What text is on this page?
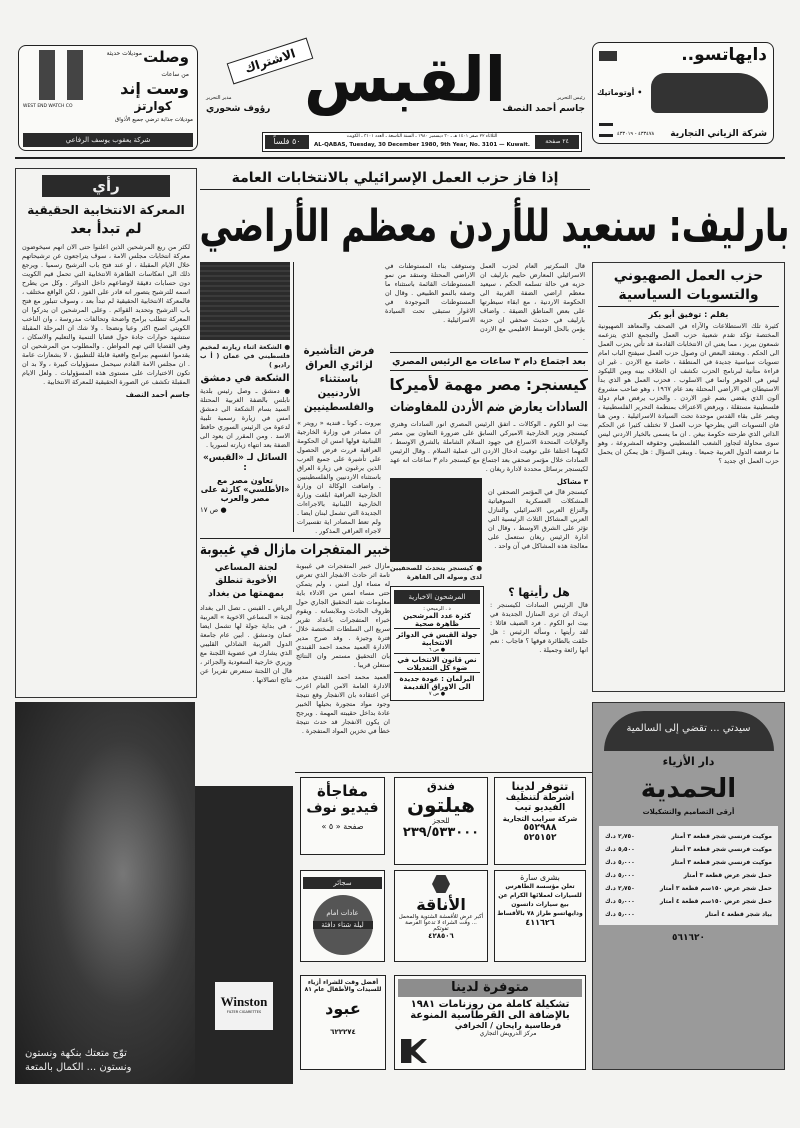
وصلت
موديلات حديثة
من ساعات
وست إند
كوارتز
موديلات جذابة ترضي جميع الأذواق
WEST END WATCH CO
شركة يعقوب يوسف الرفاعي
الاشتراك القبس
مدير التحرير
رؤوف شحوري
رئيس التحرير
جاسم أحمد النصف
٥٠ فلساً	٢٤ صفحة
الثلاثاء ٢٢ صفر ١٤٠١ هـ ـ ٣٠ ديسمبر ١٩٨٠ ـ السنة التاسعة ـ العدد ٣١٠١ ـ الكويت
AL-QABAS, Tuesday, 30 December 1980, 9th Year, No. 3101 — Kuwait.
دايهاتسو..
• أوتوماتيك
٤٣٣٤٧٨ - ٤٣٣٠١٩ شركة الزياني التجارية
رأي
المعركة الانتخابية الحقيقية
لم تبدأ بعد
لكثر من ربع المرشحين الذين اعلنوا حتى الان انهم سيخوضون معركة انتخابات مجلس الامة ، سوف يتراجعون عن ترشيحاتهم خلال الايام المقبلة ، او عند فتح باب الترشيح رسميا . ويرجع ذلك الى انعكاسات الظاهرة الانتخابية التي تحمل قيم الكويت دون حسابات دقيقة لاوضاعهم داخل الدوائر . وكل من يطرح اسمه للترشيح يتصور انه قادر على الفوز ، لكن الواقع مختلف ، فالمعركة الانتخابية الحقيقية لم تبدأ بعد ، وسوف تتبلور مع فتح باب الترشيح وتحديد القوائم . وعلى المرشحين ان يدركوا ان المعركة تتطلب برامج واضحة وتحالفات مدروسة ، وان الناخب الكويتي اصبح اكثر وعيا ونضجا . ولا شك ان المرحلة المقبلة ستشهد حوارات جادة حول قضايا التنمية والتعليم والاسكان ، وهي القضايا التي تهم المواطن . والمطلوب من المرشحين ان يقدموا انفسهم ببرامج واقعية قابلة للتطبيق ، لا بشعارات عامة . ان مجلس الامة القادم سيحمل مسؤوليات كبيرة ، ولا بد ان تكون الاختيارات على مستوى هذه المسؤوليات . ولعل الايام المقبلة تكشف عن الصورة الحقيقية للمعركة الانتخابية .
جاسم أحمد النصف
إذا فاز حزب العمل الإسرائيلي بالانتخابات العامة
بارليف: سنعيد للأردن معظم الأراضي
قال السكرتير العام لحزب العمل الاسرائيلي المعارض حاييم بارليف ان حزبه في حالة تسلمه الحكم ، سيعيد معظم اراضي الضفة الغربية الى الحكومة الاردنية ، مع ابقاء سيطرتها على بعض المناطق الضيقة . واضاف بارليف في حديث صحفي ان حزبه يؤمن بالحل الوسط الاقليمي مع الاردن .
وستوقف بناء المستوطنات في الاراضي المحتلة وستقد من نمو المستوطنات القائمة باستثناء ما وصفه بالنمو الطبيعي . وقال ان المستوطنات الموجودة في الاغوار ستبقى تحت السيادة الاسرائيلية .
● الشكعة اثناء زيارته لمخيم فلسطيني في عمان ( أ ب راديو )
الشكعة في دمشق
● دمشق ـ وصل رئيس بلدية نابلس بالضفة الغربية المحتلة السيد بسام الشكعة الى دمشق امس في زيارة رسمية تلبية لدعوة من الرئيس السوري حافظ الاسد . ومن المقرر ان يعود الى الضفة بعد انتهاء زيارته لسوريا .
السائل لـ «القبس» :
تعاون مصر مع «الأطلسي» كارثة على مصر والعرب
● ص ١٧
فرض التأشيرة لزائري العراق باستثناء الأردنيين والفلسطينيين
بيروت ـ كونا ـ قنديه « رويتر » ان مصادر في وزارة الخارجية اللبنانية قولها امس ان الحكومة العراقية قررت فرض الحصول على تأشيرة على جميع العرب الذين يرغبون في زيارة العراق باستثناء الاردنيين والفلسطينيين . واضافت الوكالة ان وزارة الخارجية العراقية ابلغت وزارة الخارجية اللبنانية بالاجراءات الجديدة التي تشمل لبنان ايضا . ولم تعط المصادر اية تفسيرات لاجراء العراقي المذكور .
خبير المتفجرات مازال في غيبوبة
مازال خبير المتفجرات في غيبوبة تامة اثر حادث الانفجار الذي تعرض له مساء اول امس ، ولم يتمكن حتى مساء امس من الادلاء باية معلومات تفيد التحقيق الجاري حول ظروف الحادث وملابساته . ويقوم خبراء المتفجرات باعداد تقرير سريع الى السلطات المختصة خلال فترة وجيزة . وقد صرح مدير الادارة العميد محمد احمد القبندي بان التحقيق مستمر وان النتائج ستعلن قريبا .
العميد محمد احمد القبندي مدير الادارة العامة الامن العام اعرب عن اعتقاده بان الانفجار وقع نتيجة وجود مواد متجورة بحيلها الخبير عادة بداخل حقيبته المهمة . ويرجح ان يكون الانفجار قد حدث نتيجة خطأ في تخزين المواد المتفجرة .
لجنة المساعي الأخوية تنطلق بمهمتها من بغداد
الرياض ـ القبس ـ تصل الى بغداد لجنة « المساعي الاخوية » العربية ، في بداية جولة لها تشمل ايضا عمان ودمشق . ابين عام جامعة الدول العربية الشاذلي القليبي الذي يشارك في عضوية اللجنة مع وزيري خارجية السعودية والجزائر ، قال ان اللجنة ستعرض تقريرا عن نتائج اتصالاتها .
بعد اجتماع دام ٣ ساعات مع الرئيس المصري
كيسنجر: مصر مهمة لأميركا
السادات يعارض ضم الأردن للمفاوضات
بيت ابو الكوم ـ الوكالات ـ اتفق الرئيس المصري انور السادات وهنري كيسنجر وزير الخارجية الاميركي السابق على ضرورة التعاون بين مصر والولايات المتحدة الاسراع في جهود السلام الشاملة بالشرق الاوسط ، لكنهما اختلفا على توقيت ادخال الاردن الى عملية السلام . وقال الرئيس السادات خلال مؤتمر صحفي بعد اجتماع مع كيسنجر دام ٣ ساعات انه عهد لكيسنجر برسائل محددة لادارة ريغان .
٣ مشاكل
كيسنجر قال في المؤتمر الصحفي ان المشكلات العسكرية السوفياتية والنزاع العربي الاسرائيلي والتنازل العربي المشاكل الثلاث الرئيسية التي تؤثر على الشرق الاوسط ، وقال ان ادارة الرئيس ريغان ستعمل على معالجة هذه المشاكل في آن واحد .
● كيسنجر يتحدث للصحفيين لدى وصوله الى القاهرة
هل رأيتها ؟
قال الرئيس السادات لكيسنجر : اريدك ان ترى المنازل الجديدة في بيت ابو الكوم . فرد الضيف قائلا : لقد رأيتها ، وسأله الرئيس : هل حلقت بالطائرة فوقها ؟ فاجاب : نعم انها رائعة وجميلة .
المرشحون الاخبارية
د . الرميحي :
كثرة عدد المرشحين ظاهرة صحية
جولة القبس في الدوائر الانتخابية
● ص ٦
نص قانون الانتخاب في ضوء كل التعديلات
البرلمان : عودة جديدة الى الاوراق القديمة
● ص ٧
حزب العمل الصهيوني
والتسويات السياسية
بقلم : توفيق أبو بكر
كثيرة تلك الاستطلاعات والآراء في الصحف والمعاهد الصهيونية المختصة تؤكد تقدم شعبية حزب العمل والتجمع الذي يتزعمه شمعون بيريز ، مما يعني ان الانتخابات القادمة قد تأتي بحزب العمل الى الحكم . ويعتقد البعض ان وصول حزب العمل سيفتح الباب امام تسويات سياسية جديدة في المنطقة ، خاصة مع الاردن . غير ان قراءة متأنية لبرنامج الحزب تكشف ان الخلاف بينه وبين الليكود ليس في الجوهر وانما في الاسلوب . فحزب العمل هو الذي بدأ الاستيطان في الاراضي المحتلة بعد عام ١٩٦٧ ، وهو صاحب مشروع آلون الذي يقضي بضم غور الاردن . والحزب يرفض قيام دولة فلسطينية مستقلة ، ويرفض الاعتراف بمنظمة التحرير الفلسطينية ، ويصر على بقاء القدس موحدة تحت السيادة الاسرائيلية . ومن هنا فان التسويات التي يطرحها حزب العمل لا تختلف كثيرا عن الحكم الذاتي الذي طرحته حكومة بيغن . ان ما يسمى بالخيار الاردني ليس سوى محاولة لتجاوز الشعب الفلسطيني وحقوقه المشروعة ، وهو ما ترفضه الدول العربية جميعا . ويبقى السؤال : هل يمكن ان يحمل حزب العمل اي جديد ؟
Winston
FILTER CIGARETTES
توّج متعتك بنكهة ونستون
ونستون ... الكمال بالمتعة
مفاجأة
فيديو نوف
صفحة « ٥ »
سجائر
عادات امام
ليلة شتاء دافئة
فندق
هيلتون
للحجز
٢٣٩/٥٣٣٠٠٠
تتوفر لدينا
أشرطة لتنظيف الفيديو تيب
شركة سرايب التجارية
٥٥٢٩٨٨
٥٢٥١٥٢
الأناقة
أكبر عرض للأقمشة الشتوية والمخمل ... وقت الشراء لا تدعوا الفرصة تفوتكم
٤٢٨٥٠٦
بشرى سارة
تعلن مؤسسة الطاهرس للسيارات لعملائها الكرام عن بيع سيارات داتسون ودايهاتسو طراز ٧٨ بالأقساط
٤١١٦٢٦
أفضل وقت للشراء أزياء للسيدات والأطفال عام ٨١
عبود
٦٢٢٢٧٤
متوفرة لدينا
تشكيلة كاملة من روزنامات ١٩٨١
بالإضافة الى القرطاسية المنوعة
قرطاسية رايحان / الخرافي
مركز الدرويش التجاري
سيدتي ... تقضي إلى السالمية
دار الأزياء
الحمدية
أرقى التصاميم والتشكيلات
موكيت فرنسي شجر قطعة ٣ أمتار
٢٫٧٥٠ د.ك
موكيت فرنسي شجر قطعة ٣ أمتار
٥٫٥٠٠ د.ك
موكيت فرنسي شجر قطعة ٣ أمتار
٥٫٠٠٠ د.ك
حمل شجر عرض قطعة ٣ أمتار
٥٫٠٠٠ د.ك
حمل شجر عرض ١٥٠سم قطعة ٣ أمتار
٢٫٧٥٠ د.ك
حمل شجر عرض ١٥٠سم قطعة ٤ أمتار
٥٫٠٠٠ د.ك
بياد شجر قطعة ٤ أمتار
٥٫٠٠٠ د.ك
٥٦١٦٢٠
